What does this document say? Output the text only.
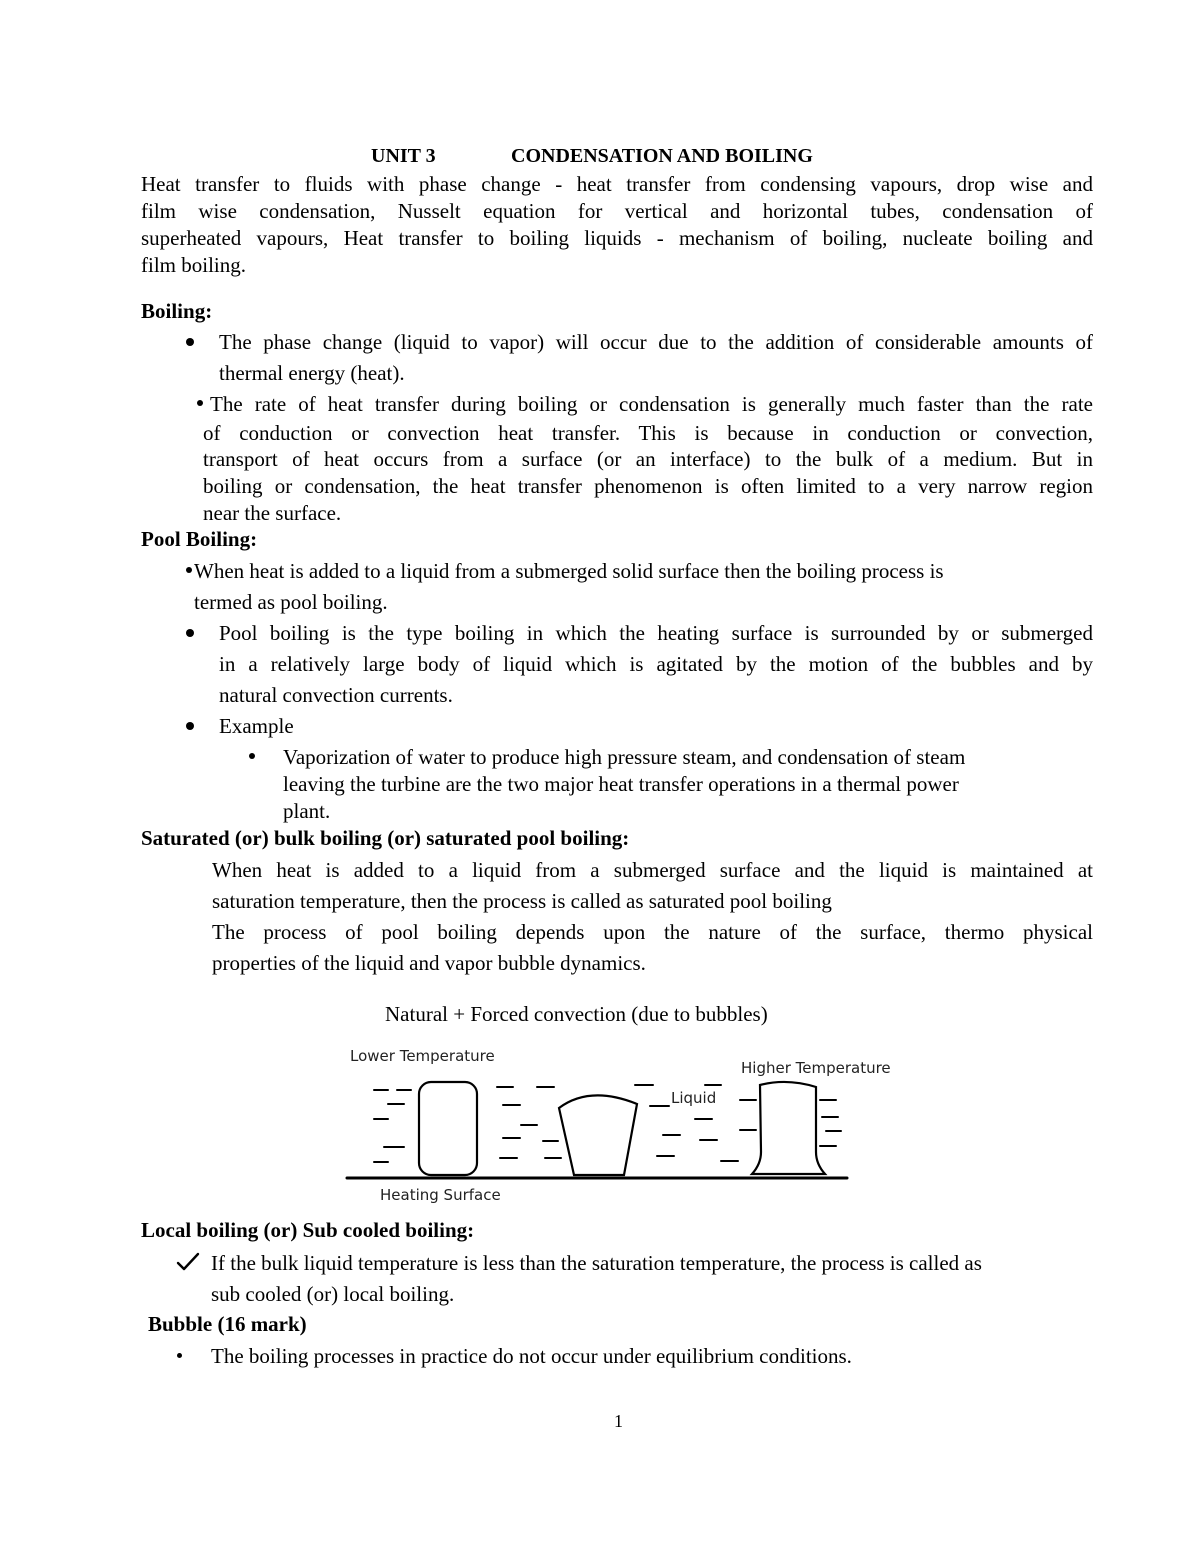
UNIT 3	CONDENSATION AND BOILING
Heat transfer to fluids with phase change - heat transfer from condensing vapours, drop wise and
film wise condensation, Nusselt equation for vertical and horizontal tubes, condensation of
superheated vapours, Heat transfer to boiling liquids - mechanism of boiling, nucleate boiling and
film boiling.
Boiling:
The phase change (liquid to vapor) will occur due to the addition of considerable amounts of
thermal energy (heat).
The rate of heat transfer during boiling or condensation is generally much faster than the rate
of conduction or convection heat transfer. This is because in conduction or convection,
transport of heat occurs from a surface (or an interface) to the bulk of a medium. But in
boiling or condensation, the heat transfer phenomenon is often limited to a very narrow region
near the surface.
Pool Boiling:
When heat is added to a liquid from a submerged solid surface then the boiling process is
termed as pool boiling.
Pool boiling is the type boiling in which the heating surface is surrounded by or submerged
in a relatively large body of liquid which is agitated by the motion of the bubbles and by
natural convection currents.
Example
Vaporization of water to produce high pressure steam, and condensation of steam
leaving the turbine are the two major heat transfer operations in a thermal power
plant.
Saturated (or) bulk boiling (or) saturated pool boiling:
When heat is added to a liquid from a submerged surface and the liquid is maintained at
saturation temperature, then the process is called as saturated pool boiling
The process of pool boiling depends upon the nature of the surface, thermo physical
properties of the liquid and vapor bubble dynamics.
Natural + Forced convection (due to bubbles)
Lower Temperature
Higher Temperature
Liquid
Heating Surface
Local boiling (or) Sub cooled boiling:
If the bulk liquid temperature is less than the saturation temperature, the process is called as
sub cooled (or) local boiling.
Bubble (16 mark)
The boiling processes in practice do not occur under equilibrium conditions.
1
